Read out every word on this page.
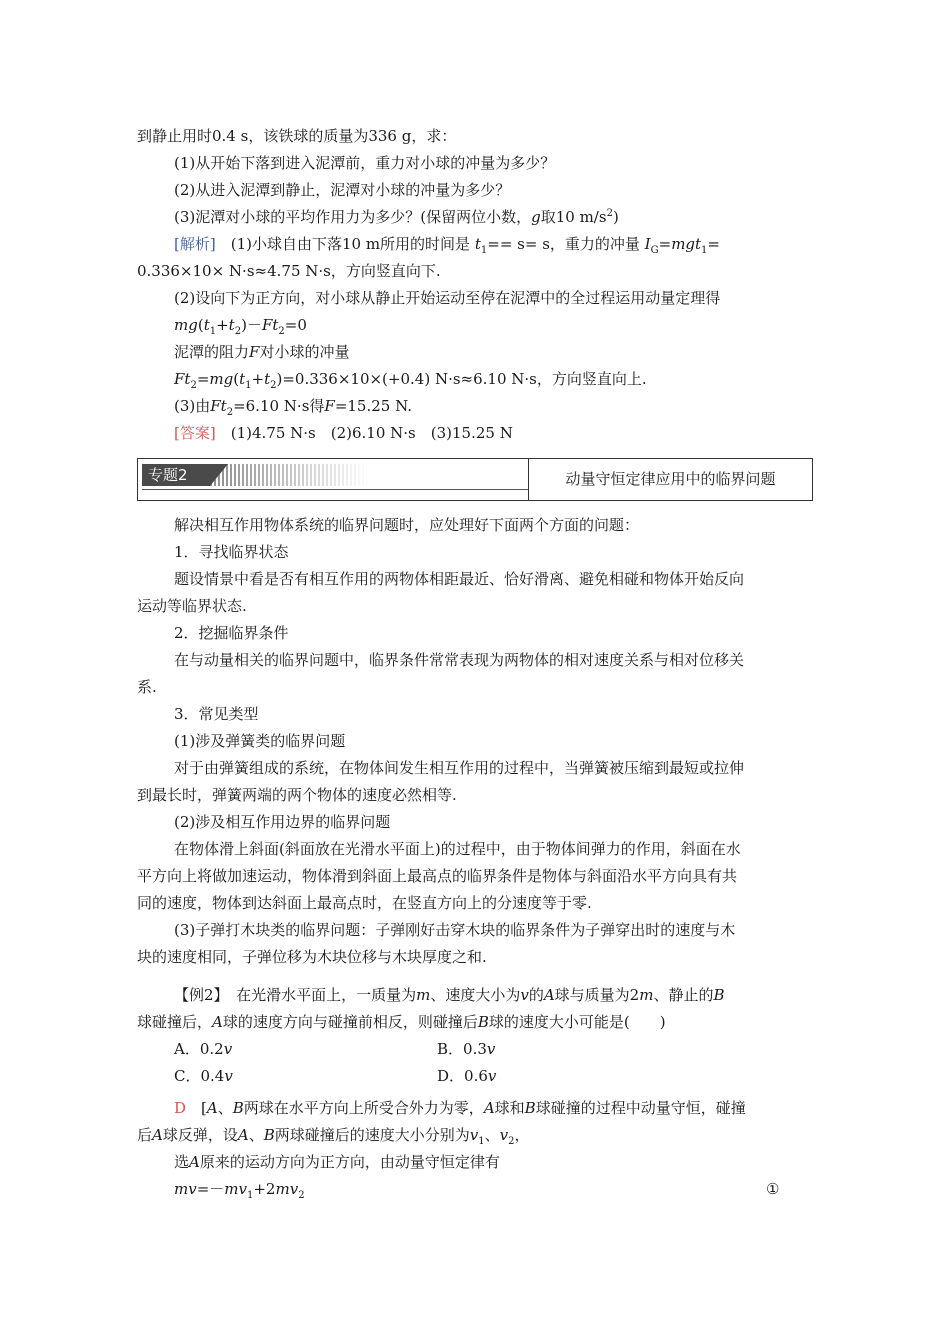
到静止用时0.4 s，该铁球的质量为336 g，求：
(1)从开始下落到进入泥潭前，重力对小球的冲量为多少？
(2)从进入泥潭到静止，泥潭对小球的冲量为多少？
(3)泥潭对小球的平均作用力为多少？(保留两位小数，g取10 $m/s^2$)
[解析]　 (1)小球自由下落10 m所用的时间是 $t_1== s= s$，重力的冲量 $I_G=mgt_1=$
0.336×10× N·s≈4.75 N·s，方向竖直向下.
(2)设向下为正方向，对小球从静止开始运动至停在泥潭中的全过程运用动量定理得
$mg(t_1+t_2)-Ft_2=0$
泥潭的阻力F对小球的冲量
$Ft_2=mg(t_1+t_2)=0.336\times 10\times(+0.4)$ N·s≈6.10 N·s，方向竖直向上.
(3)由$Ft_2=6.10$ N·s得F=15.25 N.
[答案]　 (1)4.75 N·s　(2)6.10 N·s　(3)15.25 N
专题2	动量守恒定律应用中的临界问题
解决相互作用物体系统的临界问题时，应处理好下面两个方面的问题：
1．寻找临界状态
题设情景中看是否有相互作用的两物体相距最近、恰好滑离、避免相碰和物体开始反向
运动等临界状态.
2．挖掘临界条件
在与动量相关的临界问题中，临界条件常常表现为两物体的相对速度关系与相对位移关
系.
3．常见类型
(1)涉及弹簧类的临界问题
对于由弹簧组成的系统，在物体间发生相互作用的过程中，当弹簧被压缩到最短或拉伸
到最长时，弹簧两端的两个物体的速度必然相等.
(2)涉及相互作用边界的临界问题
在物体滑上斜面(斜面放在光滑水平面上)的过程中，由于物体间弹力的作用，斜面在水
平方向上将做加速运动，物体滑到斜面上最高点的临界条件是物体与斜面沿水平方向具有共
同的速度，物体到达斜面上最高点时，在竖直方向上的分速度等于零.
(3)子弹打木块类的临界问题：子弹刚好击穿木块的临界条件为子弹穿出时的速度与木
块的速度相同，子弹位移为木块位移与木块厚度之和.
【例2】　 在光滑水平面上，一质量为m、速度大小为v的A球与质量为2m、静止的B
球碰撞后，A球的速度方向与碰撞前相反，则碰撞后B球的速度大小可能是(　　)
A．0.2v	B．0.3v
C．0.4v	D．0.6v
D　 [A、B两球在水平方向上所受合外力为零，A球和B球碰撞的过程中动量守恒，碰撞
后A球反弹，设A、B两球碰撞后的速度大小分别为$v_1$、$v_2$，
选A原来的运动方向为正方向，由动量守恒定律有
$mv=-mv_1+2mv_2$	①
